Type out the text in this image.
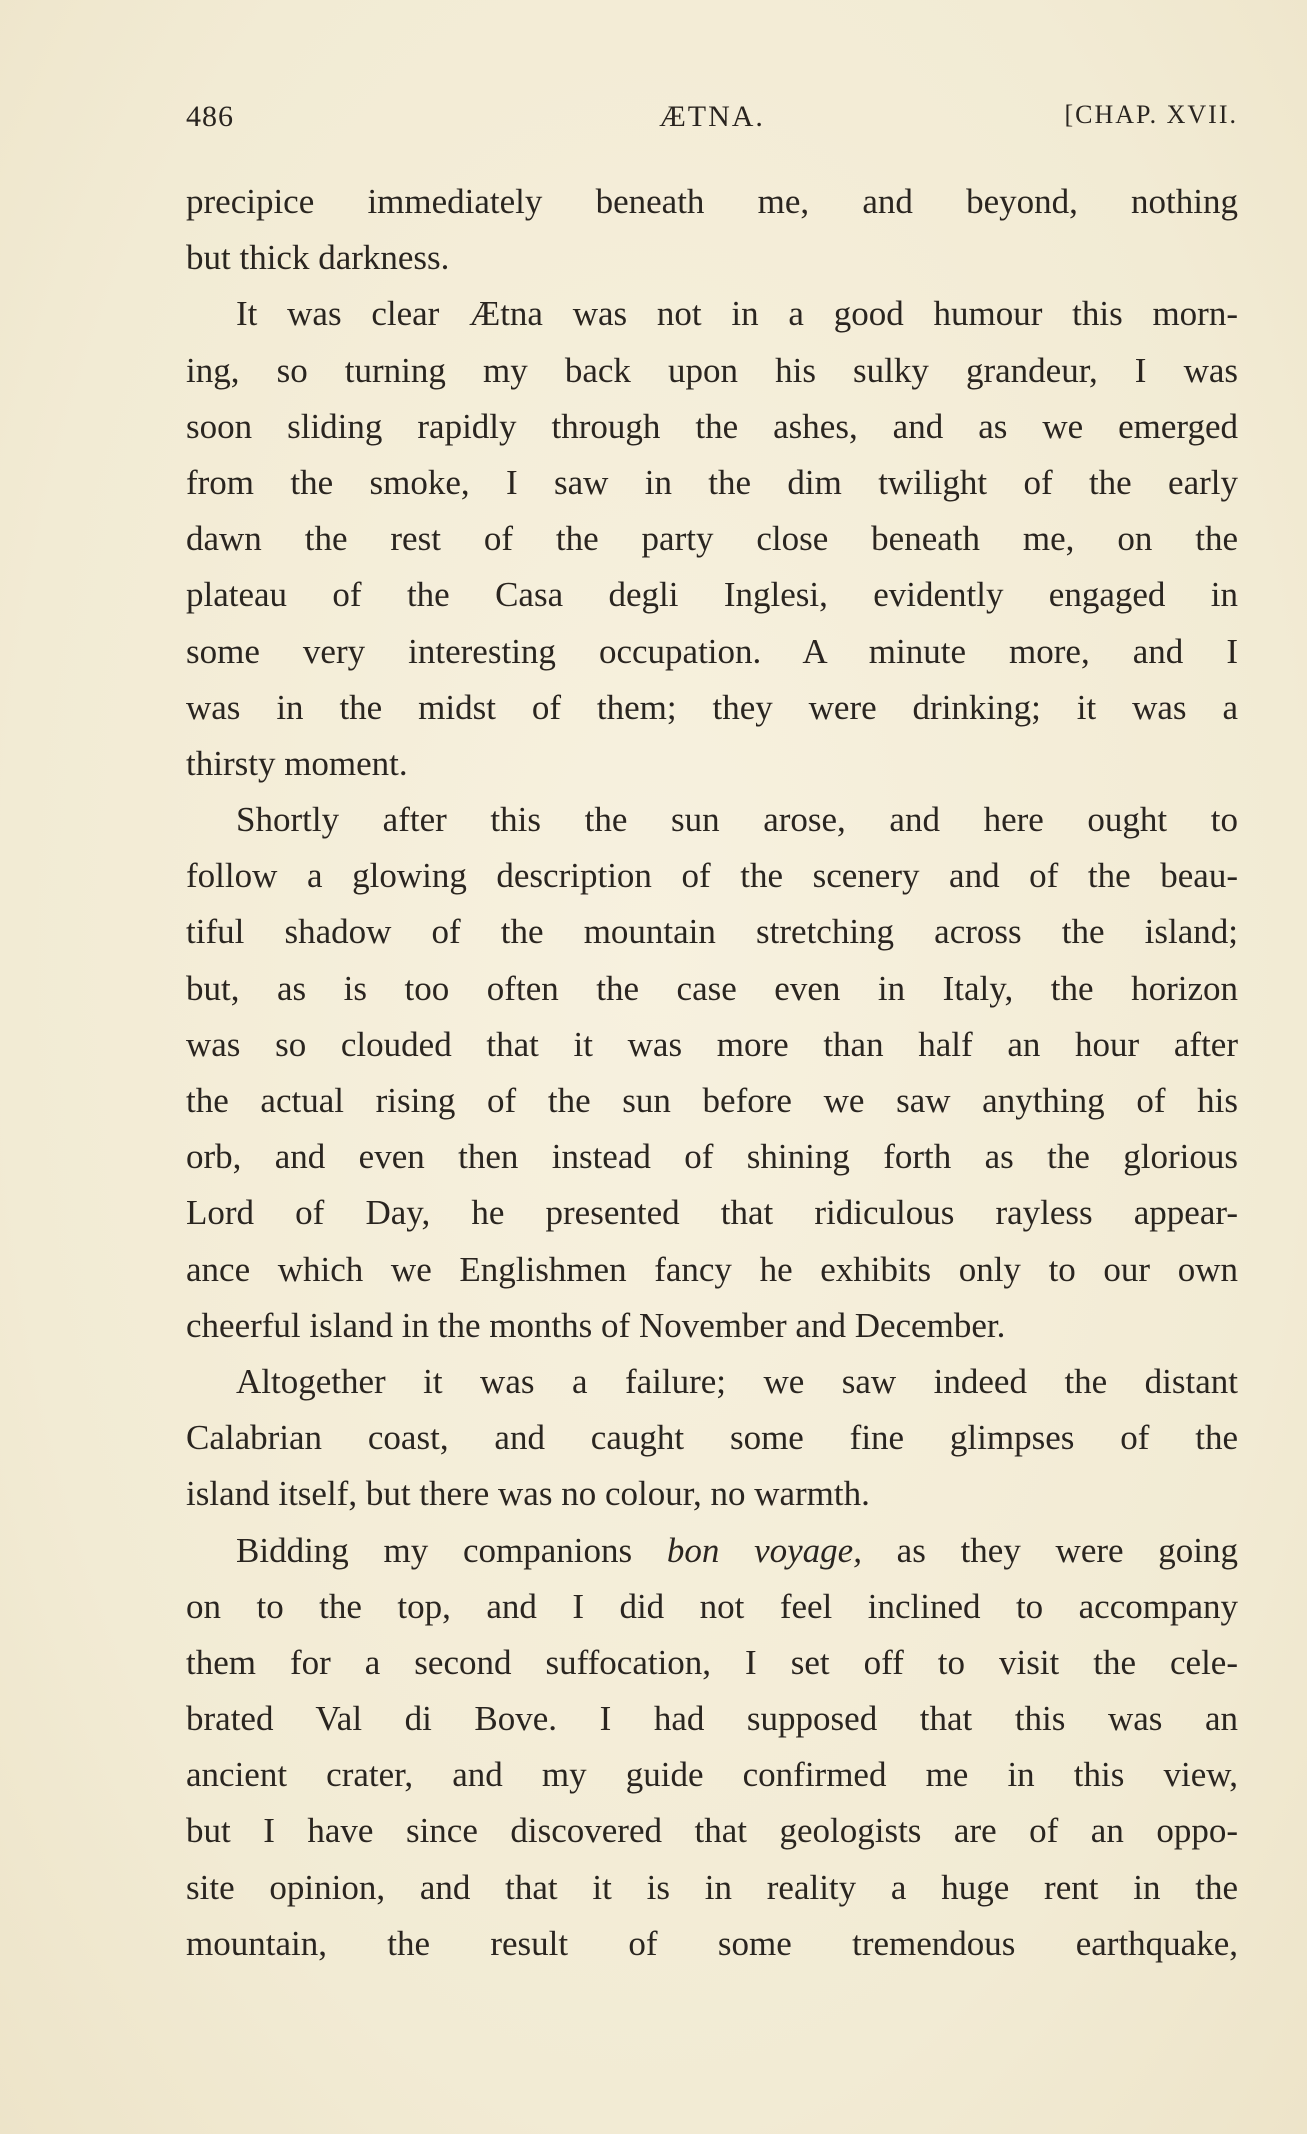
486	ÆTNA.	[CHAP. XVII.
precipice immediately beneath me, and beyond, nothing
but thick darkness.
It was clear Ætna was not in a good humour this morn-
ing, so turning my back upon his sulky grandeur, I was
soon sliding rapidly through the ashes, and as we emerged
from the smoke, I saw in the dim twilight of the early
dawn the rest of the party close beneath me, on the
plateau of the Casa degli Inglesi, evidently engaged in
some very interesting occupation. A minute more, and I
was in the midst of them; they were drinking; it was a
thirsty moment.
Shortly after this the sun arose, and here ought to
follow a glowing description of the scenery and of the beau-
tiful shadow of the mountain stretching across the island;
but, as is too often the case even in Italy, the horizon
was so clouded that it was more than half an hour after
the actual rising of the sun before we saw anything of his
orb, and even then instead of shining forth as the glorious
Lord of Day, he presented that ridiculous rayless appear-
ance which we Englishmen fancy he exhibits only to our own
cheerful island in the months of November and December.
Altogether it was a failure; we saw indeed the distant
Calabrian coast, and caught some fine glimpses of the
island itself, but there was no colour, no warmth.
Bidding my companions bon voyage, as they were going
on to the top, and I did not feel inclined to accompany
them for a second suffocation, I set off to visit the cele-
brated Val di Bove. I had supposed that this was an
ancient crater, and my guide confirmed me in this view,
but I have since discovered that geologists are of an oppo-
site opinion, and that it is in reality a huge rent in the
mountain, the result of some tremendous earthquake,
